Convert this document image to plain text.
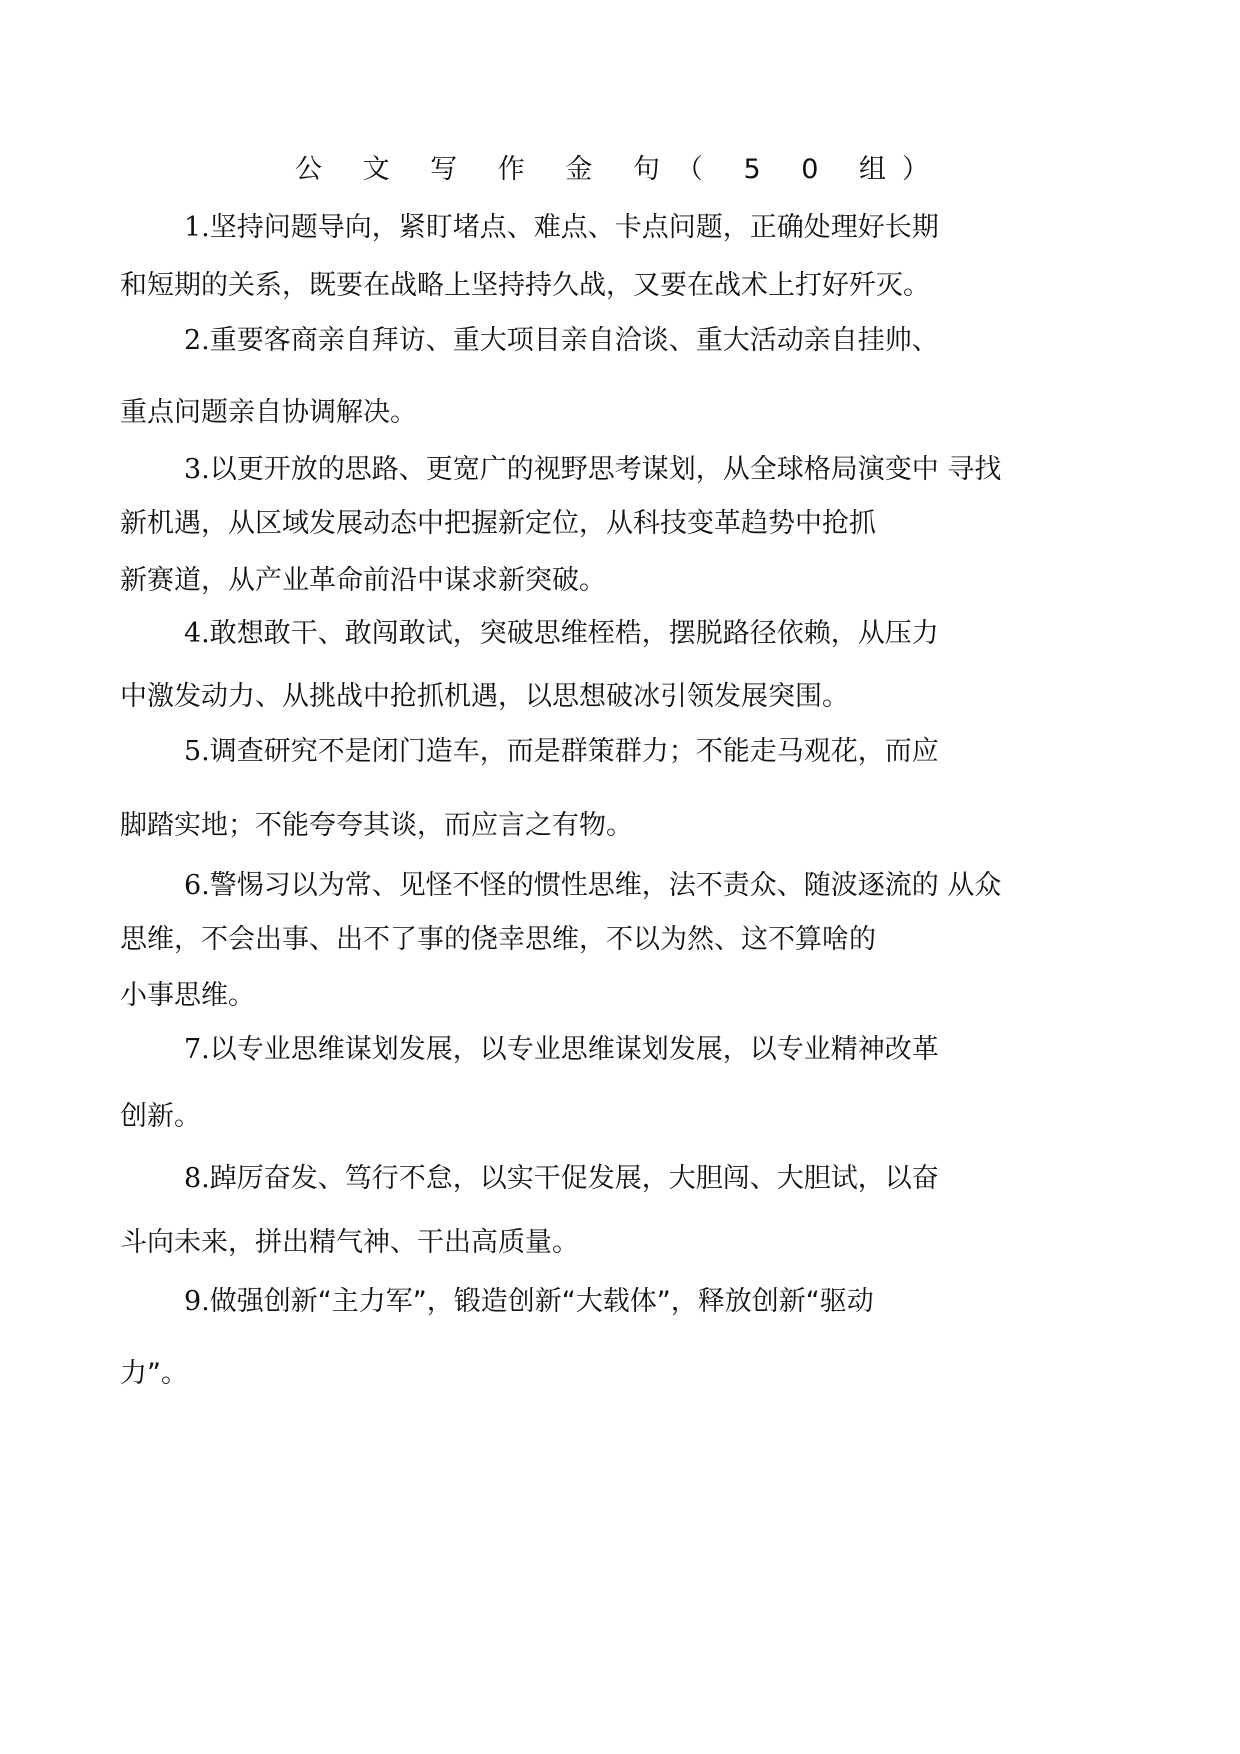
公 文 写 作 金 句（ 5 0 组）
1.坚持问题导向，紧盯堵点、难点、卡点问题，正确处理好长期
和短期的关系，既要在战略上坚持持久战，又要在战术上打好歼灭。
2.重要客商亲自拜访、重大项目亲自洽谈、重大活动亲自挂帅、
重点问题亲自协调解决。
3.以更开放的思路、更宽广的视野思考谋划，从全球格局演变中 寻找
新机遇，从区域发展动态中把握新定位，从科技变革趋势中抢抓
新赛道，从产业革命前沿中谋求新突破。
4.敢想敢干、敢闯敢试，突破思维桎梏，摆脱路径依赖，从压力
中激发动力、从挑战中抢抓机遇，以思想破冰引领发展突围。
5.调查研究不是闭门造车，而是群策群力；不能走马观花，而应
脚踏实地；不能夸夸其谈，而应言之有物。
6.警惕习以为常、见怪不怪的惯性思维，法不责众、随波逐流的 从众
思维，不会出事、出不了事的侥幸思维，不以为然、这不算啥的
小事思维。
7.以专业思维谋划发展，以专业思维谋划发展，以专业精神改革
创新。
8.踔厉奋发、笃行不怠，以实干促发展，大胆闯、大胆试，以奋
斗向未来，拼出精气神、干出高质量。
9.做强创新“主力军”，锻造创新“大载体”，释放创新“驱动
力”。
